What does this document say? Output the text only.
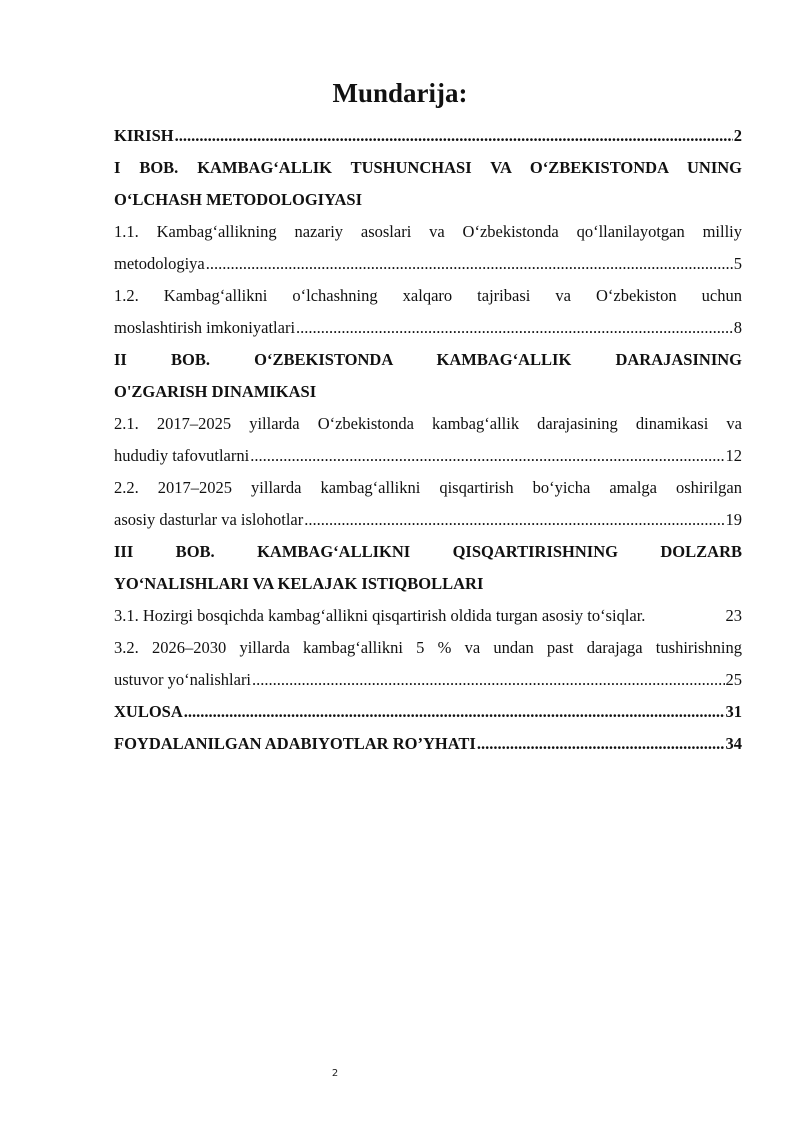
Mundarija:
KIRISH .....	2
I BOB. KAMBAG‘ALLIK TUSHUNCHASI VA O‘ZBEKISTONDA UNING
O‘LCHASH METODOLOGIYASI
1.1. Kambag‘allikning nazariy asoslari va O‘zbekistonda qo‘llanilayotgan milliy
metodologiya .....	5
1.2. Kambag‘allikni o‘lchashning xalqaro tajribasi va O‘zbekiston uchun
moslashtirish imkoniyatlari .....	8
II BOB. O‘ZBEKISTONDA KAMBAG‘ALLIK DARAJASINING
O'ZGARISH DINAMIKASI
2.1. 2017–2025 yillarda O‘zbekistonda kambag‘allik darajasining dinamikasi va
hududiy tafovutlarni .....	12
2.2. 2017–2025 yillarda kambag‘allikni qisqartirish bo‘yicha amalga oshirilgan
asosiy dasturlar va islohotlar .....	19
III BOB. KAMBAG‘ALLIKNI QISQARTIRISHNING DOLZARB
YO‘NALISHLARI VA KELAJAK ISTIQBOLLARI
3.1. Hozirgi bosqichda kambag‘allikni qisqartirish oldida turgan asosiy to‘siqlar.	23
3.2. 2026–2030 yillarda kambag‘allikni 5 % va undan past darajaga tushirishning
ustuvor yo‘nalishlari .....	25
XULOSA .....	31
FOYDALANILGAN ADABIYOTLAR RO’YHATI .....	34
2
